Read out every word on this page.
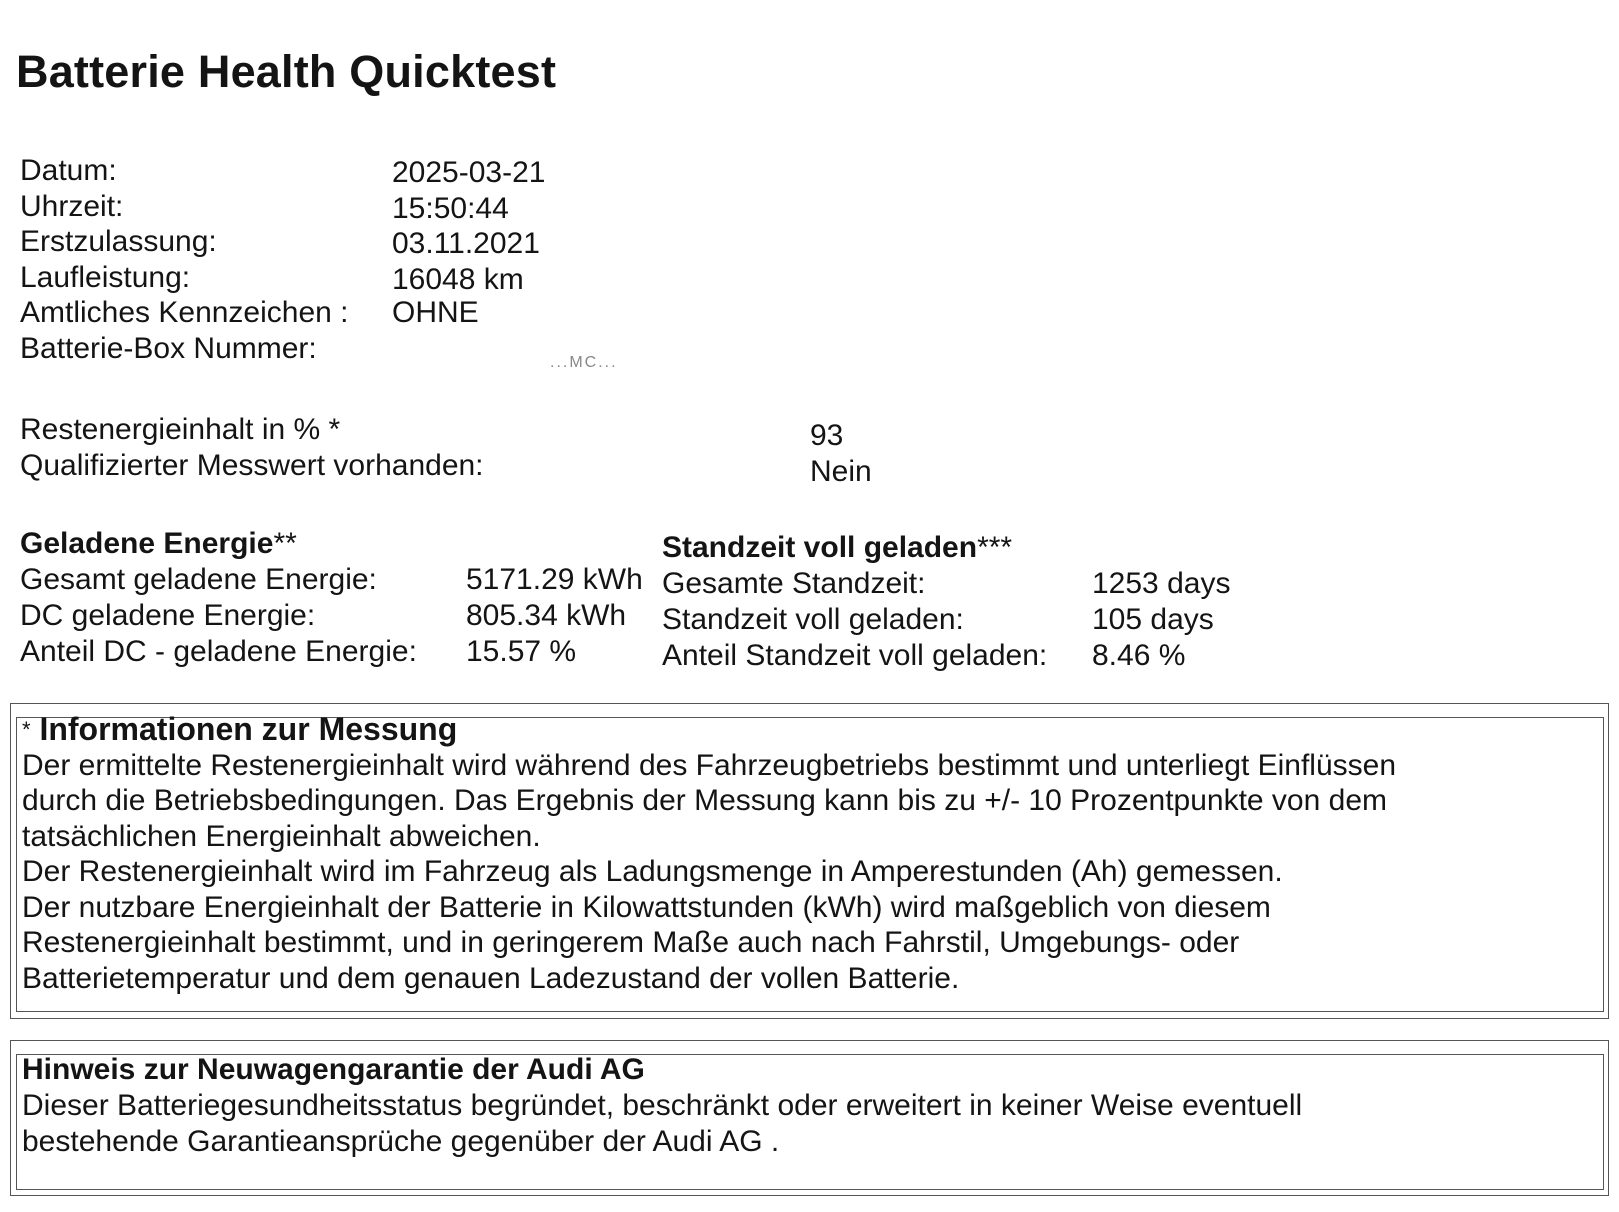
Batterie Health Quicktest
Datum:	2025-03-21
Uhrzeit:	15:50:44
Erstzulassung:	03.11.2021
Laufleistung:	16048 km
Amtliches Kennzeichen : OHNE
Batterie-Box Nummer:	...MC...
Restenergieinhalt in % *	93
Qualifizierter Messwert vorhanden:	Nein
Geladene Energie**
Gesamt geladene Energie:	5171.29 kWh
DC geladene Energie:	805.34 kWh
Anteil DC - geladene Energie: 15.57 %
Standzeit voll geladen***
Gesamte Standzeit:	1253 days
Standzeit voll geladen:	105 days
Anteil Standzeit voll geladen: 8.46 %

* Informationen zur Messung

Der ermittelte Restenergieinhalt wird während des Fahrzeugbetriebs bestimmt und unterliegt Einflüssen

durch die Betriebsbedingungen. Das Ergebnis der Messung kann bis zu +/- 10 Prozentpunkte von dem

tatsächlichen Energieinhalt abweichen.

Der Restenergieinhalt wird im Fahrzeug als Ladungsmenge in Amperestunden (Ah) gemessen.

Der nutzbare Energieinhalt der Batterie in Kilowattstunden (kWh) wird maßgeblich von diesem

Restenergieinhalt bestimmt, und in geringerem Maße auch nach Fahrstil, Umgebungs- oder

Batterietemperatur und dem genauen Ladezustand der vollen Batterie.

Hinweis zur Neuwagengarantie der Audi AG

Dieser Batteriegesundheitsstatus begründet, beschränkt oder erweitert in keiner Weise eventuell

bestehende Garantieansprüche gegenüber der Audi AG .
